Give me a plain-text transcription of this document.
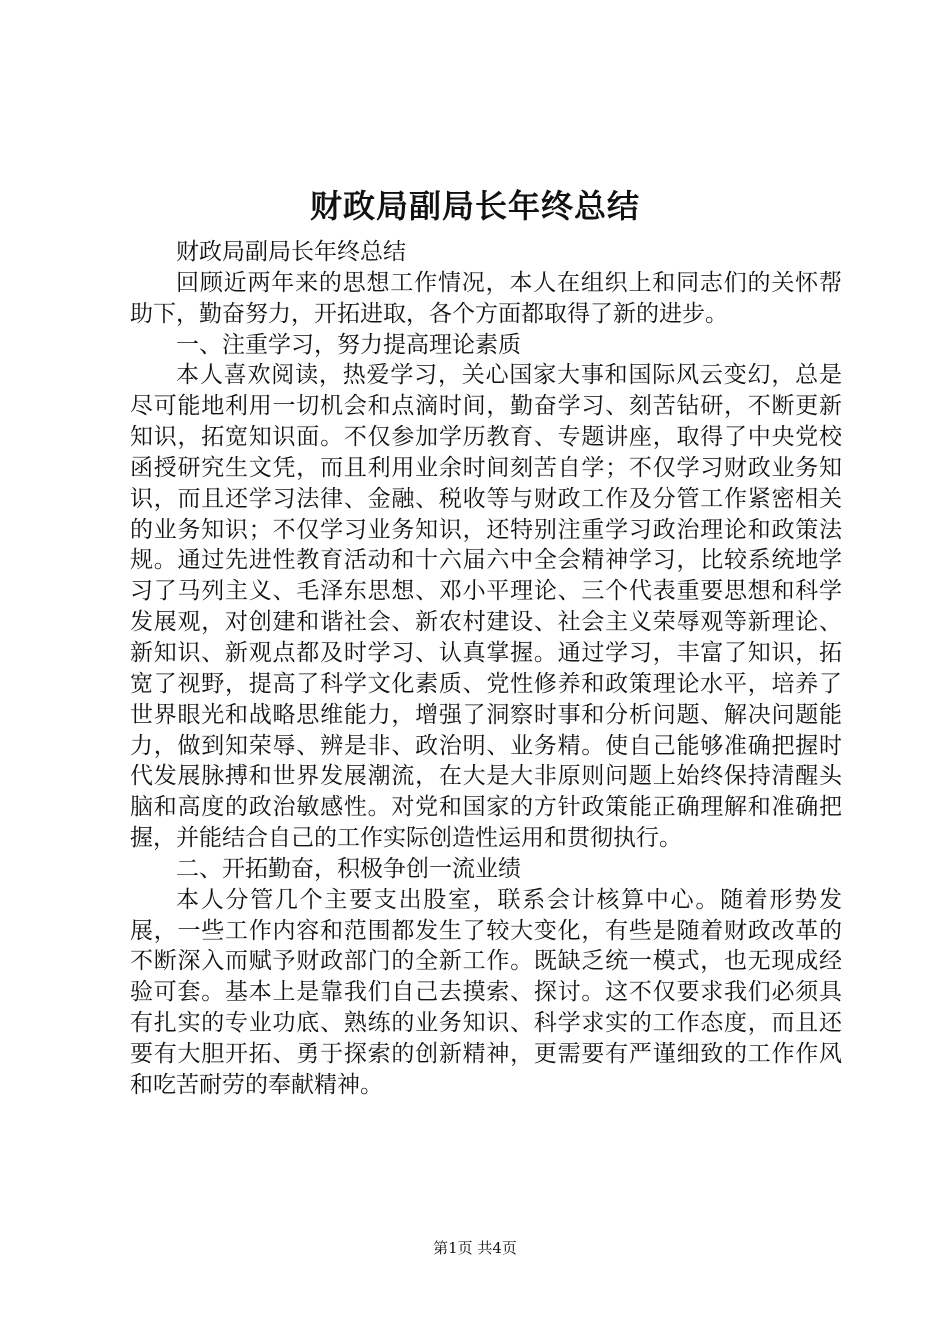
财政局副局长年终总结

财政局副局长年终总结

回顾近两年来的思想工作情况，本人在组织上和同志们的关怀帮助下，勤奋努力，开拓进取，各个方面都取得了新的进步。

一、注重学习，努力提高理论素质

本人喜欢阅读，热爱学习，关心国家大事和国际风云变幻，总是尽可能地利用一切机会和点滴时间，勤奋学习、刻苦钻研，不断更新知识，拓宽知识面。不仅参加学历教育、专题讲座，取得了中央党校函授研究生文凭，而且利用业余时间刻苦自学；不仅学习财政业务知识，而且还学习法律、金融、税收等与财政工作及分管工作紧密相关的业务知识；不仅学习业务知识，还特别注重学习政治理论和政策法规。通过先进性教育活动和十六届六中全会精神学习，比较系统地学习了马列主义、毛泽东思想、邓小平理论、三个代表重要思想和科学发展观，对创建和谐社会、新农村建设、社会主义荣辱观等新理论、新知识、新观点都及时学习、认真掌握。通过学习，丰富了知识，拓宽了视野，提高了科学文化素质、党性修养和政策理论水平，培养了世界眼光和战略思维能力，增强了洞察时事和分析问题、解决问题能力，做到知荣辱、辨是非、政治明、业务精。使自己能够准确把握时代发展脉搏和世界发展潮流，在大是大非原则问题上始终保持清醒头脑和高度的政治敏感性。对党和国家的方针政策能正确理解和准确把握，并能结合自己的工作实际创造性运用和贯彻执行。

二、开拓勤奋，积极争创一流业绩

本人分管几个主要支出股室，联系会计核算中心。随着形势发展，一些工作内容和范围都发生了较大变化，有些是随着财政改革的不断深入而赋予财政部门的全新工作。既缺乏统一模式，也无现成经验可套。基本上是靠我们自己去摸索、探讨。这不仅要求我们必须具有扎实的专业功底、熟练的业务知识、科学求实的工作态度，而且还要有大胆开拓、勇于探索的创新精神，更需要有严谨细致的工作作风和吃苦耐劳的奉献精神。

第1页 共4页
